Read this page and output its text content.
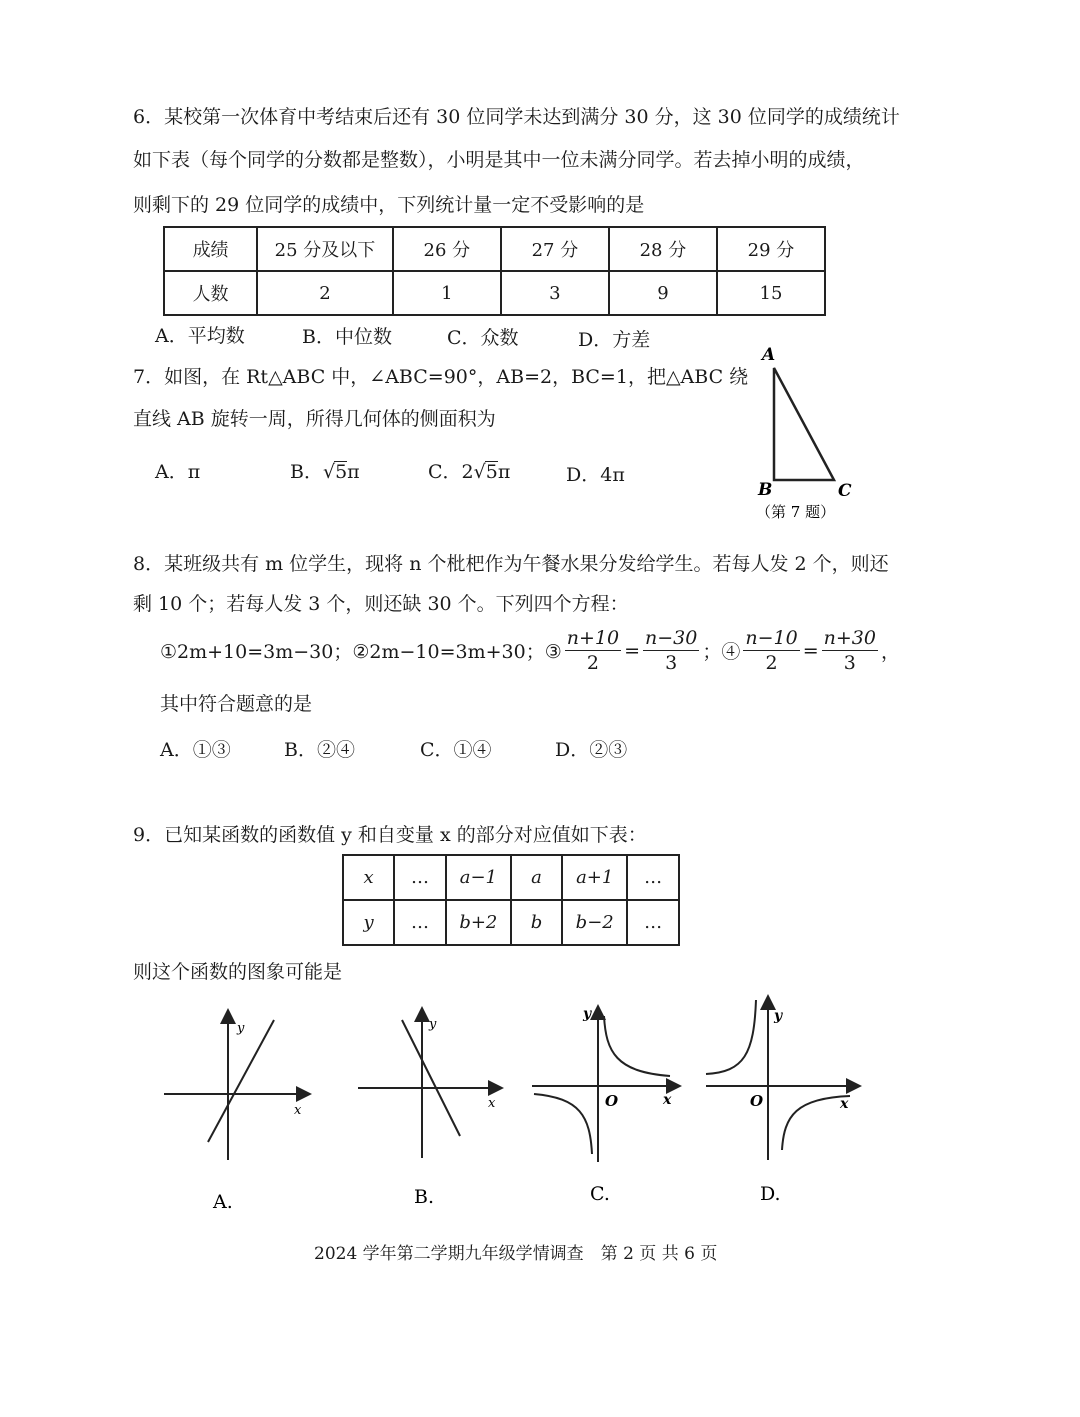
6．某校第一次体育中考结束后还有 30 位同学未达到满分 30 分，这 30 位同学的成绩统计
如下表（每个同学的分数都是整数），小明是其中一位未满分同学。若去掉小明的成绩，
则剩下的 29 位同学的成绩中，下列统计量一定不受影响的是
成绩	25 分及以下	26 分	27 分	28 分	29 分
人数	2	1	3	9	15
A．平均数	B．中位数	C．众数	D．方差
7．如图，在 Rt△ABC 中，∠ABC=90°，AB=2，BC=1，把△ABC 绕
直线 AB 旋转一周，所得几何体的侧面积为
A．π	B．√5π	C．2√5π	D．4π
A
B	C
（第 7 题）
8．某班级共有 m 位学生，现将 n 个枇杷作为午餐水果分发给学生。若每人发 2 个，则还
剩 10 个；若每人发 3 个，则还缺 30 个。下列四个方程：
①2m+10=3m−30；②2m−10=3m+30；③ $\frac{n+10}{2} = \frac{n-30}{3}$ ；④ $\frac{n-10}{2} = \frac{n+30}{3}$ ，
其中符合题意的是
A．①③	B．②④	C．①④	D．②③
9．已知某函数的函数值 y 和自变量 x 的部分对应值如下表：
x	…	a−1	a	a+1	…
y	…	b+2	b	b−2	…
则这个函数的图象可能是
x
y
A.
x
y
B.
x
y
O
C.
x
y
O
D.
2024 学年第二学期九年级学情调查　第 2 页 共 6 页
